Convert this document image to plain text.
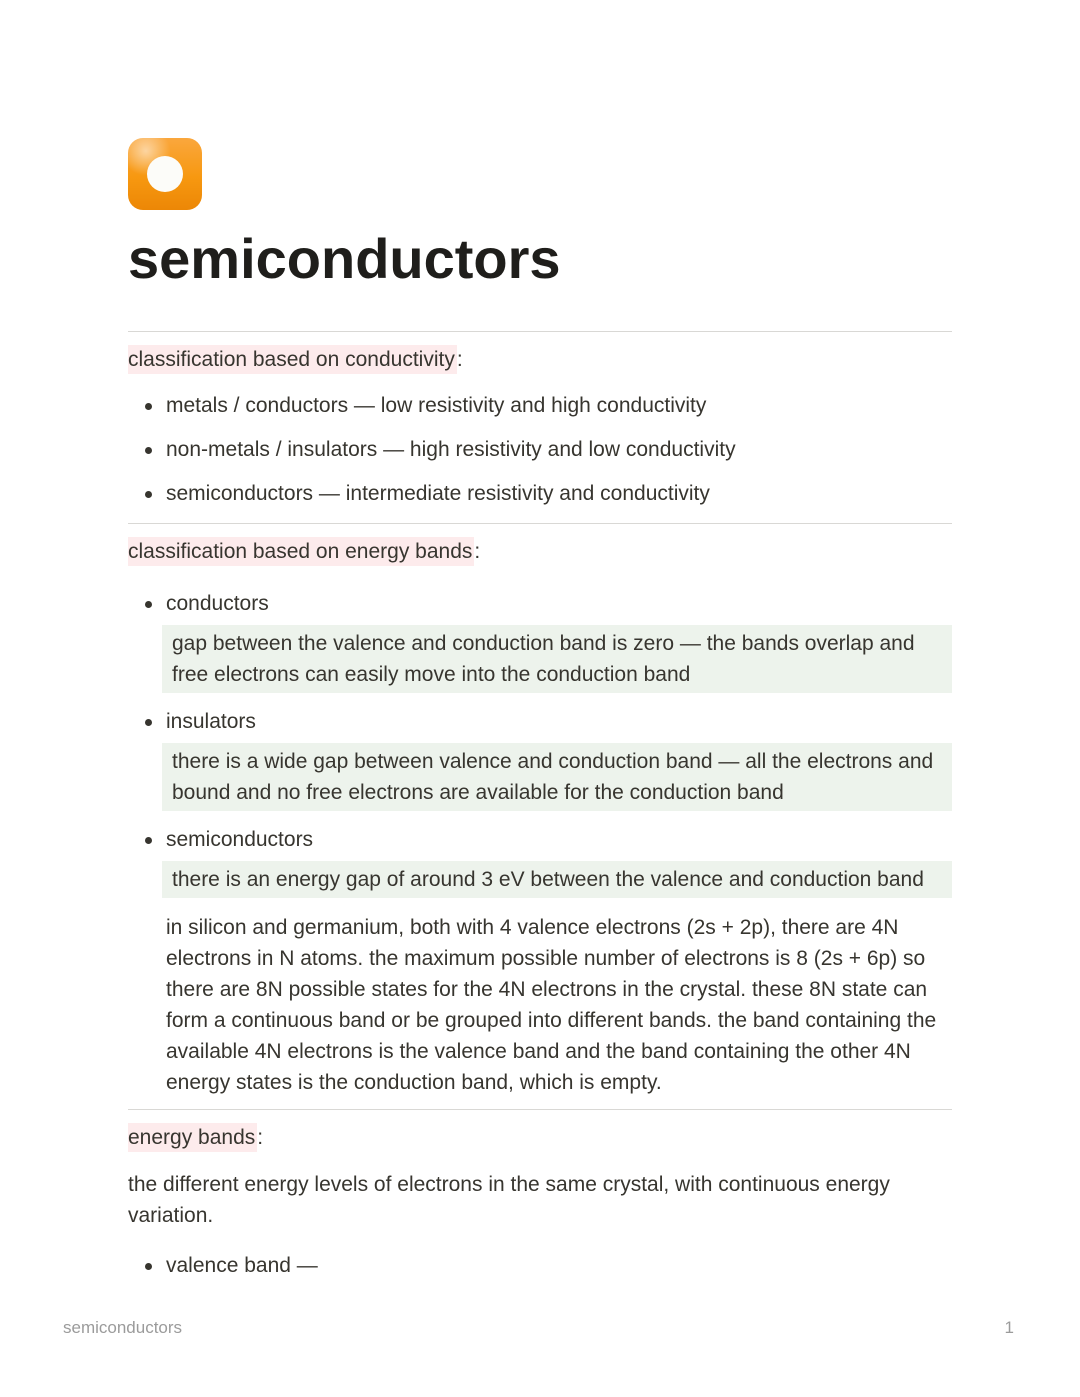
semiconductors

classification based on conductivity:

metals / conductors — low resistivity and high conductivity
non-metals / insulators — high resistivity and low conductivity
semiconductors — intermediate resistivity and conductivity

classification based on energy bands:

conductors
gap between the valence and conduction band is zero — the bands overlap and free electrons can easily move into the conduction band
insulators
there is a wide gap between valence and conduction band — all the electrons and bound and no free electrons are available for the conduction band
semiconductors
there is an energy gap of around 3 eV between the valence and conduction band

in silicon and germanium, both with 4 valence electrons (2s + 2p), there are 4N electrons in N atoms. the maximum possible number of electrons is 8 (2s + 6p) so there are 8N possible states for the 4N electrons in the crystal. these 8N state can form a continuous band or be grouped into different bands. the band containing the available 4N electrons is the valence band and the band containing the other 4N energy states is the conduction band, which is empty.

energy bands:

the different energy levels of electrons in the same crystal, with continuous energy variation.

valence band —
semiconductors	1
